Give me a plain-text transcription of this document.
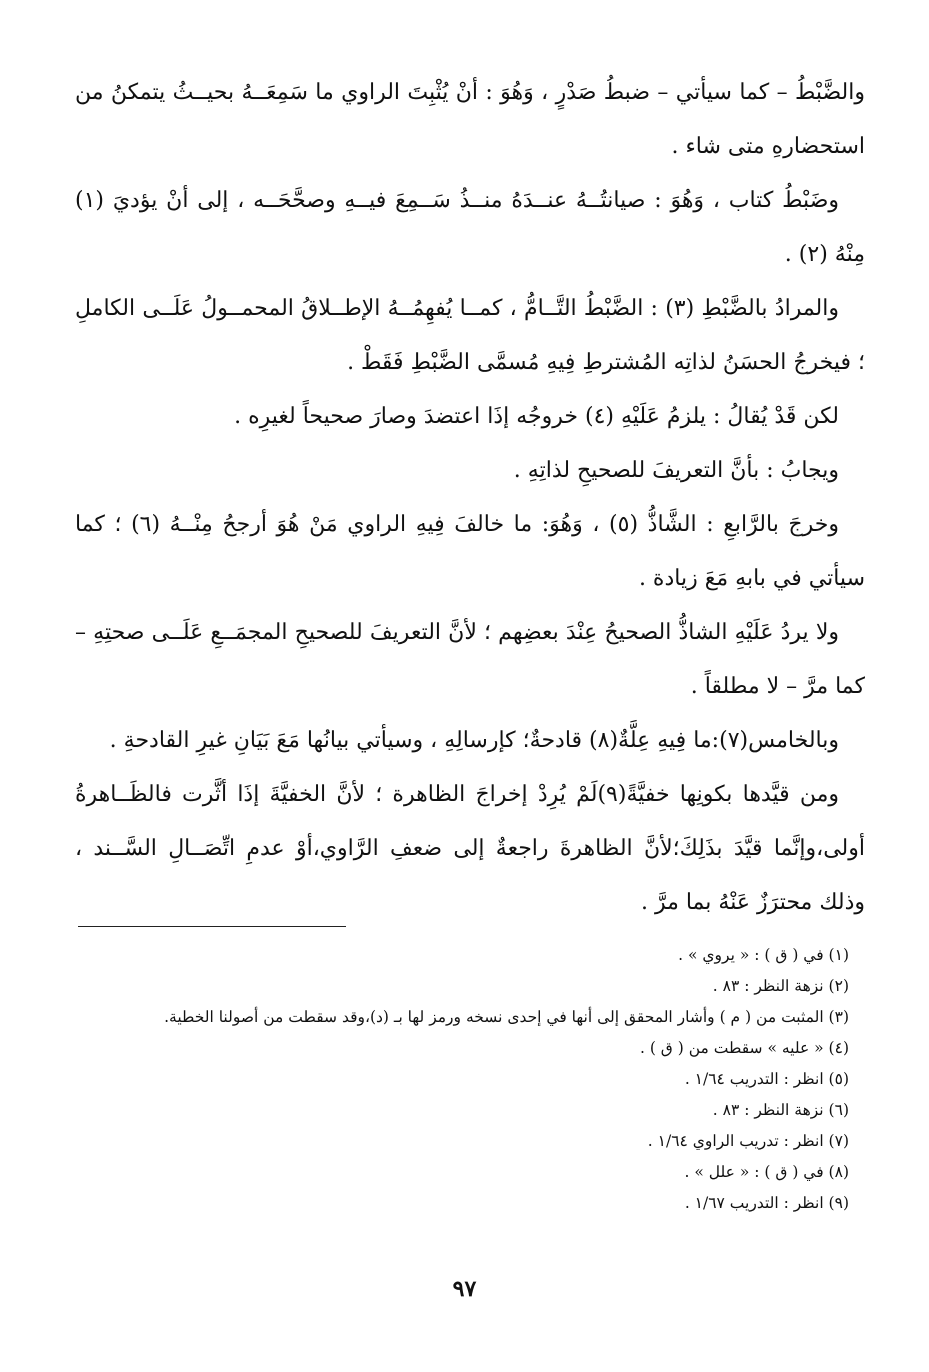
والضَّبْطُ – كما سيأتي – ضبطُ صَدْرٍ ، وَهُوَ : أنْ يُثْبِتَ الراوي ما سَمِعَــهُ بحيــثُ يتمكنُ من استحضارهِ متى شاء .

وضَبْطُ كتاب ، وَهُوَ : صيانتُــهُ عنــدَهُ منــذُ سَــمِعَ فيــهِ وصحَّحَــه ، إلى أنْ يؤديَ (١) مِنْهُ (٢) .

والمرادُ بالضَّبْطِ (٣) : الضَّبْطُ التَّــامُّ ، كمــا يُفهِمُــهُ الإطــلاقُ المحمــولُ عَلَــى الكاملِ ؛ فيخرجُ الحسَنُ لذاتِه المُشترطِ فِيهِ مُسمَّى الضَّبْطِ فَقَطْ .

لكن قَدْ يُقالُ : يلزمُ عَلَيْهِ (٤) خروجُه إذَا اعتضدَ وصارَ صحيحاً لغيرِه .

ويجابُ : بأنَّ التعريفَ للصحيحِ لذاتِهِ .

وخرجَ بالرَّابعِ : الشَّاذُّ (٥) ، وَهُوَ: ما خالفَ فِيهِ الراوي مَنْ هُوَ أرجحُ مِنْــهُ (٦) ؛ كما سيأتي في بابهِ مَعَ زيادة .

ولا يردُ عَلَيْهِ الشاذُّ الصحيحُ عِنْدَ بعضِهم ؛ لأنَّ التعريفَ للصحيحِ المجمَــعِ عَلَــى صحتِهِ – كما مرَّ – لا مطلقاً .

وبالخامس(٧):ما فِيهِ عِلَّةٌ(٨) قادحةٌ؛ كإرسالِهِ ، وسيأتي بيانُها مَعَ بَيَانِ غيرِ القادحةِ .

ومن قيَّدها بكونِها خفيَّةً(٩)لَمْ يُرِدْ إخراجَ الظاهرة ؛ لأنَّ الخفيَّةَ إذَا أثَّرت فالظَــاهرةُ أولى،وإنَّما قيَّدَ بذَلِكَ؛لأنَّ الظاهرةَ راجعةٌ إلى ضعفِ الرَّاوي،أوْ عدمِ اتِّصَــالِ السَّــند ، وذلك محترَزٌ عَنْهُ بما مرَّ .

(١) في ( ق ) : « يروي » .

(٢) نزهة النظر : ٨٣ .

(٣) المثبت من ( م ) وأشار المحقق إلى أنها في إحدى نسخه ورمز لها بـ (د)،وقد سقطت من أصولنا الخطية.

(٤) « عليه » سقطت من ( ق ) .

(٥) انظر : التدريب ١/٦٤ .

(٦) نزهة النظر : ٨٣ .

(٧) انظر : تدريب الراوي ١/٦٤ .

(٨) في ( ق ) : « علل » .

(٩) انظر : التدريب ١/٦٧ .

٩٧
